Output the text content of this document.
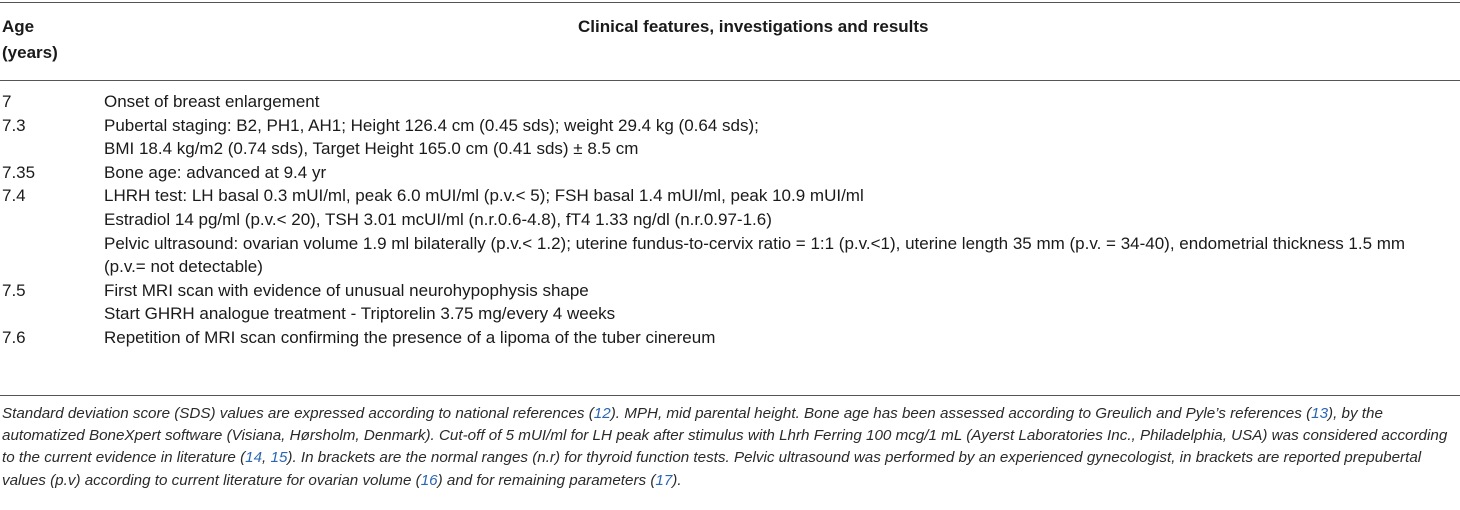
Age
(years)
Clinical features, investigations and results
7	Onset of breast enlargement
7.3	Pubertal staging: B2, PH1, AH1; Height 126.4 cm (0.45 sds); weight 29.4 kg (0.64 sds);
BMI 18.4 kg/m2 (0.74 sds), Target Height 165.0 cm (0.41 sds) ± 8.5 cm
7.35	Bone age: advanced at 9.4 yr
7.4	LHRH test: LH basal 0.3 mUI/ml, peak 6.0 mUI/ml (p.v.< 5); FSH basal 1.4 mUI/ml, peak 10.9 mUI/ml
Estradiol 14 pg/ml (p.v.< 20), TSH 3.01 mcUI/ml (n.r.0.6-4.8), fT4 1.33 ng/dl (n.r.0.97-1.6)
Pelvic ultrasound: ovarian volume 1.9 ml bilaterally (p.v.< 1.2); uterine fundus-to-cervix ratio = 1:1 (p.v.<1), uterine length 35 mm (p.v. = 34-40), endometrial thickness 1.5 mm (p.v.= not detectable)
7.5	First MRI scan with evidence of unusual neurohypophysis shape
Start GHRH analogue treatment - Triptorelin 3.75 mg/every 4 weeks
7.6	Repetition of MRI scan confirming the presence of a lipoma of the tuber cinereum
Standard deviation score (SDS) values are expressed according to national references (12). MPH, mid parental height. Bone age has been assessed according to Greulich and Pyle’s references (13), by the automatized BoneXpert software (Visiana, Hørsholm, Denmark). Cut-off of 5 mUI/ml for LH peak after stimulus with Lhrh Ferring 100 mcg/1 mL (Ayerst Laboratories Inc., Philadelphia, USA) was considered according to the current evidence in literature (14, 15). In brackets are the normal ranges (n.r) for thyroid function tests. Pelvic ultrasound was performed by an experienced gynecologist, in brackets are reported prepubertal values (p.v) according to current literature for ovarian volume (16) and for remaining parameters (17).
